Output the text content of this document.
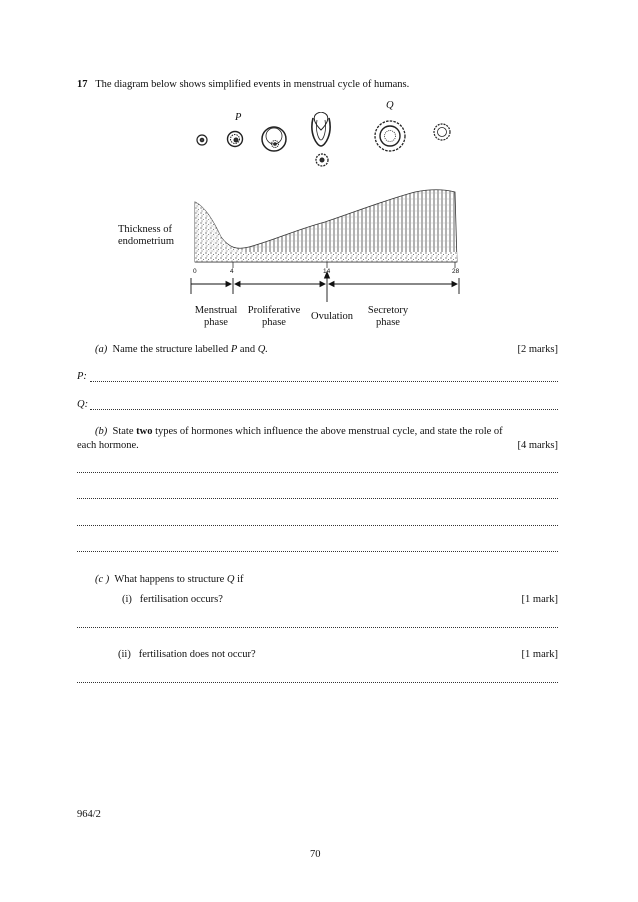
17 The diagram below shows simplified events in menstrual cycle of humans.
P
Q
0	4	14	28
Thickness of
endometrium
Menstrual
phase
Proliferative
phase
Ovulation
Secretory
phase
(a) Name the structure labelled P and Q.	[2 marks]
P:
Q:
(b) State two types of hormones which influence the above menstrual cycle, and state the role of
each hormone.	[4 marks]
(c ) What happens to structure Q if
(i) fertilisation occurs?	[1 mark]
(ii) fertilisation does not occur?	[1 mark]
964/2
70
